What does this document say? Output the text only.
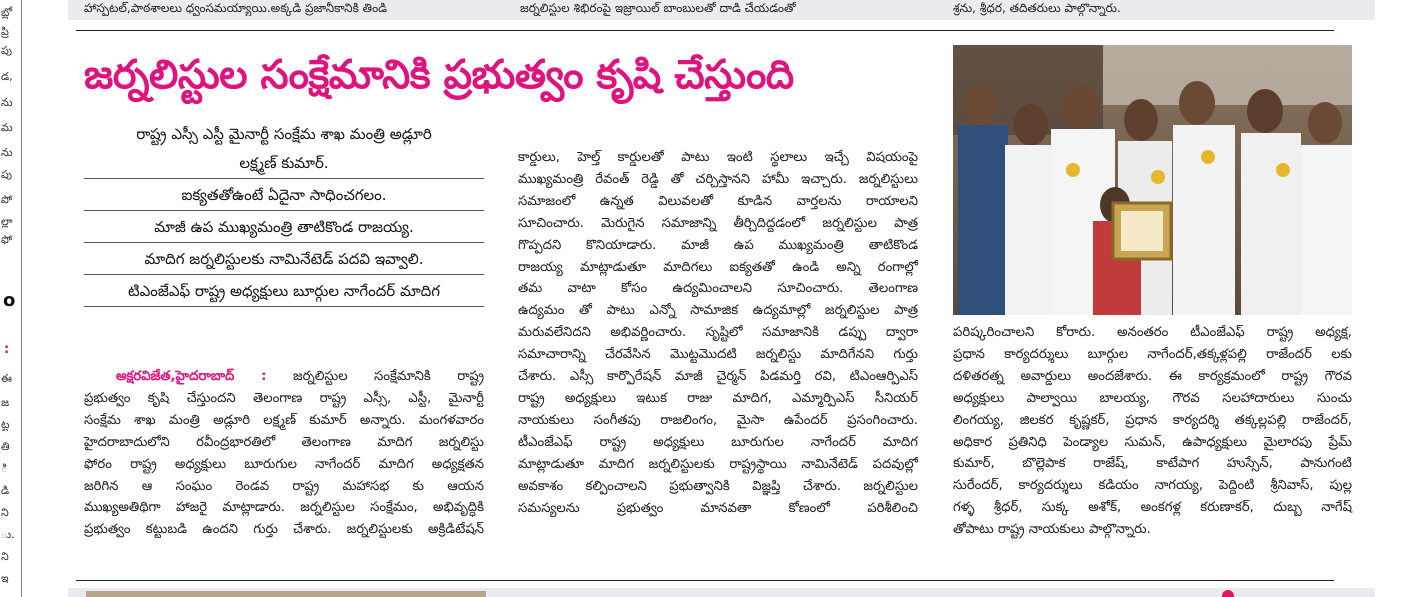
బ్లో
ప్రి
పు
డ,
ను
మ
ను
పు
పో
ల్లా
ఫో
o
:
ఈ
జ
ట్ట
తి
ి
డి
ని
ు.
ని
ఇ
హాస్పటల్,పాఠశాలలు ధ్వంసమయ్యాయి.అక్కడి ప్రజానీకానికి తిండి	జర్నలిస్టుల శిభిరంపై ఇజ్రాయిల్ బాంబులతో దాడి చేయడంతో	శ్రను, శ్రీధర, తదితరులు పాల్గొన్నారు.
జర్నలిస్టుల సంక్షేమానికి ప్రభుత్వం కృషి చేస్తుంది
రాష్ట్ర ఎస్సీ ఎస్టీ మైనార్టీ సంక్షేమ శాఖ మంత్రి అడ్లూరి
లక్ష్మణ్ కుమార్.
ఐక్యతతోఉంటే ఏదైనా సాధించగలం.
మాజీ ఉప ముఖ్యమంత్రి తాటికొండ రాజయ్య.
మాదిగ జర్నలిస్టులకు నామినేటెడ్ పదవి ఇవ్వాలి.
టిఎంజేఎఫ్ రాష్ట్ర అధ్యక్షులు బూర్గుల నాగేందర్ మాదిగ

అక్షరవిజేత,హైదరాబాద్ : జర్నలిస్టుల సంక్షేమానికి రాష్ట్ర

ప్రభుత్వం కృషి చేస్తుందని తెలంగాణ రాష్ట్ర ఎస్సీ, ఎస్టీ, మైనార్టీ

సంక్షేమ శాఖ మంత్రి అడ్లూరి లక్ష్మణ్ కుమార్ అన్నారు. మంగళవారం

హైదరాబాదులోని రవీంద్రభారతిలో తెలంగాణ మాదిగ జర్నలిస్టు

ఫోరం రాష్ట్ర అధ్యక్షులు బూరుగుల నాగేందర్ మాదిగ అధ్యక్షతన

జరిగిన ఆ సంఘం రెండవ రాష్ట్ర మహాసభ కు ఆయన

ముఖ్యఅతిథిగా హాజరై మాట్లాడారు. జర్నలిస్టుల సంక్షేమం, అభివృద్ధికి

ప్రభుత్వం కట్టుబడి ఉందని గుర్తు చేశారు. జర్నలిస్టులకు అక్రిడిటేషన్

కార్డులు, హెల్త్ కార్డులతో పాటు ఇంటి స్థలాలు ఇచ్చే విషయంపై

ముఖ్యమంత్రి రేవంత్ రెడ్డి తో చర్చిస్తానని హామీ ఇచ్చారు. జర్నలిస్టులు

సమాజంలో ఉన్నత విలువలతో కూడిన వార్తలను రాయాలని

సూచించారు. మెరుగైన సమాజాన్ని తీర్చిదిద్దడంలో జర్నలిస్టుల పాత్ర

గొప్పదని కొనియాడారు. మాజీ ఉప ముఖ్యమంత్రి తాటికొండ

రాజయ్య మాట్లాడుతూ మాదిగలు ఐక్యతతో ఉండి అన్ని రంగాల్లో

తమ వాటా కోసం ఉద్యమించాలని సూచించారు. తెలంగాణ

ఉద్యమం తో పాటు ఎన్నో సామాజిక ఉద్యమాల్లో జర్నలిస్టుల పాత్ర

మరువలేనిదని అభివర్ణించారు. సృష్టిలో సమాజానికి డప్పు ద్వారా

సమాచారాన్ని చేరవేసిన మొట్టమొదటి జర్నలిస్టు మాదిగేనని గుర్తు

చేశారు. ఎస్సీ కార్పొరేషన్ మాజీ చైర్మన్ పిడమర్తి రవి, టిఎంఆర్పిఎస్

రాష్ట్ర అధ్యక్షులు ఇటుక రాజు మాదిగ, ఎమ్మార్పిఎస్ సీనియర్

నాయకులు సంగీతపు రాజలింగం, మైసా ఉపేందర్ ప్రసంగించారు.

టీఎంజేఎఫ్ రాష్ట్ర అధ్యక్షులు బూరుగుల నాగేందర్ మాదిగ

మాట్లాడుతూ మాదిగ జర్నలిస్టులకు రాష్ట్రస్థాయి నామినేటెడ్ పదవుల్లో

అవకాశం కల్పించాలని ప్రభుత్వానికి విజ్ఞప్తి చేశారు. జర్నలిస్టుల

సమస్యలను ప్రభుత్వం మానవతా కోణంలో పరిశీలించి

పరిష్కరించాలని కోరారు. అనంతరం టీఎంజేఎఫ్ రాష్ట్ర అధ్యక్ష,

ప్రధాన కార్యదర్శులు బూర్గుల నాగేందర్,తక్కళ్లపల్లి రాజేందర్ లకు

దళితరత్న అవార్డులు అందజేశారు. ఈ కార్యక్రమంలో రాష్ట్ర గౌరవ

అధ్యక్షులు పాల్వాయి బాలయ్య, గౌరవ సలహాదారులు సుంచు

లింగయ్య, జిలకర కృష్ణకర్, ప్రధాన కార్యదర్శి తక్కల్లపల్లి రాజేందర్,

అధికార ప్రతినిధి పెండ్యాల సుమన్, ఉపాధ్యక్షులు మైలారపు ప్రేమ్

కుమార్, బొల్లెపాక రాజేష్, కాటేపాగ హుస్సేన్, పానుగంటి

సురేందర్, కార్యదర్శులు కడియం నాగయ్య, పెద్దింటి శ్రీనివాస్, పుల్ల

గళ్ళ శ్రీధర్, సుక్క అశోక్, అంకగళ్ల కరుణాకర్, దుబ్బ నాగేష్

తోపాటు రాష్ట్ర నాయకులు పాల్గొన్నారు.
